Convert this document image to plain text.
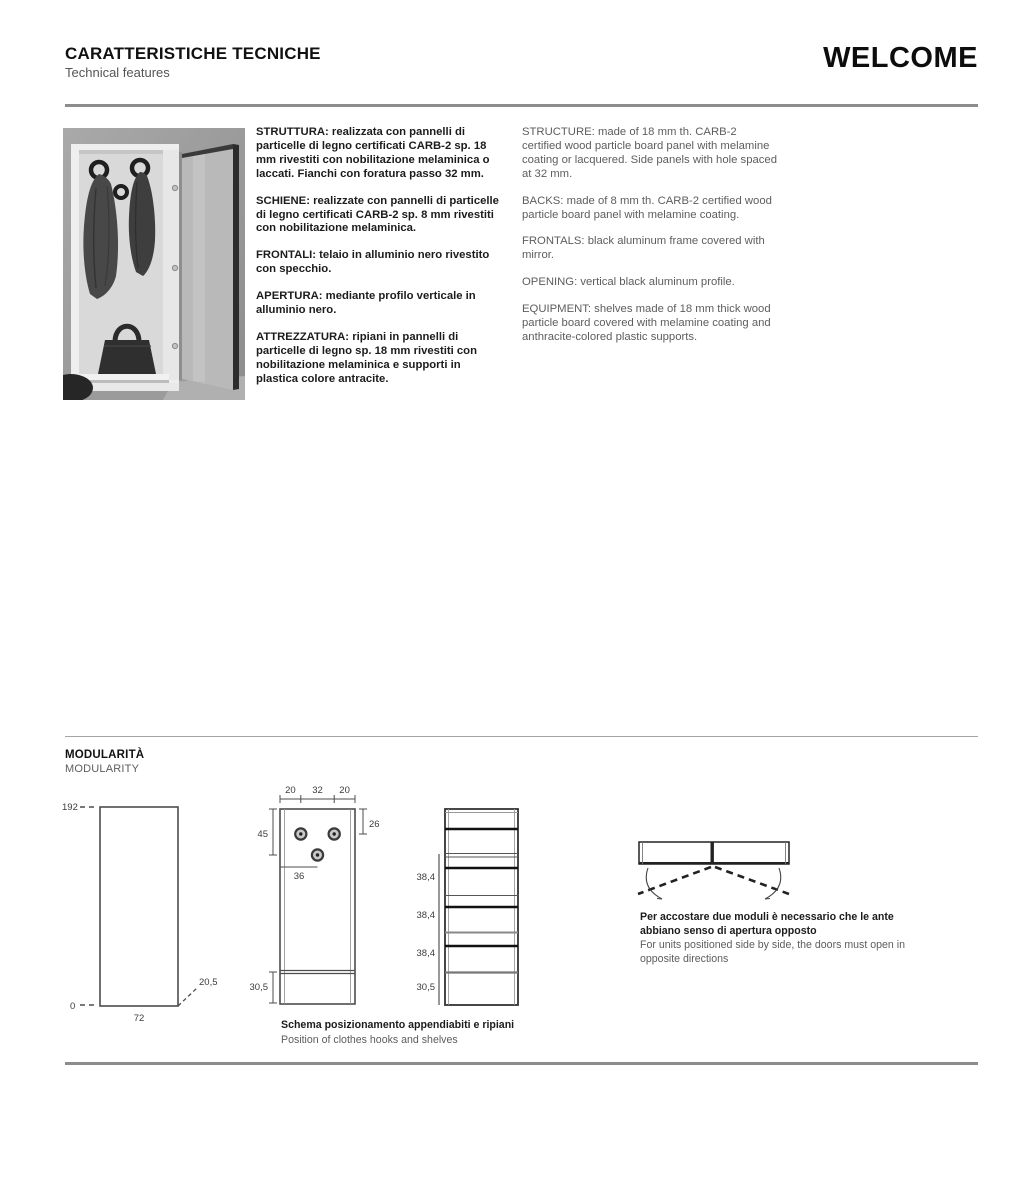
CARATTERISTICHE TECNICHE
Technical features	WELCOME

STRUTTURA: realizzata con pannelli di particelle di legno certificati CARB-2 sp. 18 mm rivestiti con nobilitazione melaminica o laccati. Fianchi con foratura passo 32 mm.

SCHIENE: realizzate con pannelli di particelle di legno certificati CARB-2 sp. 8 mm rivestiti con nobilitazione melaminica.

FRONTALI: telaio in alluminio nero rivestito con specchio.

APERTURA: mediante profilo verticale in alluminio nero.

ATTREZZATURA: ripiani in pannelli di particelle di legno sp. 18 mm rivestiti con nobilitazione melaminica e supporti in plastica colore antracite.

STRUCTURE: made of 18 mm th. CARB-2 certified wood particle board panel with melamine coating or lacquered. Side panels with hole spaced at 32 mm.

BACKS: made of 8 mm th. CARB-2 certified wood particle board panel with melamine coating.

FRONTALS: black aluminum frame covered with mirror.

OPENING: vertical black aluminum profile.

EQUIPMENT: shelves made of 18 mm thick wood particle board covered with melamine coating and anthracite-colored plastic supports.

MODULARITÀ
MODULARITY
192
0
72
20,5
20 32 20
45
26
36
30,5
38,4
38,4
38,4
30,5

Schema posizionamento appendiabiti e ripiani

Position of clothes hooks and shelves

Per accostare due moduli è necessario che le ante abbiano senso di apertura opposto

For units positioned side by side, the doors must open in opposite directions
